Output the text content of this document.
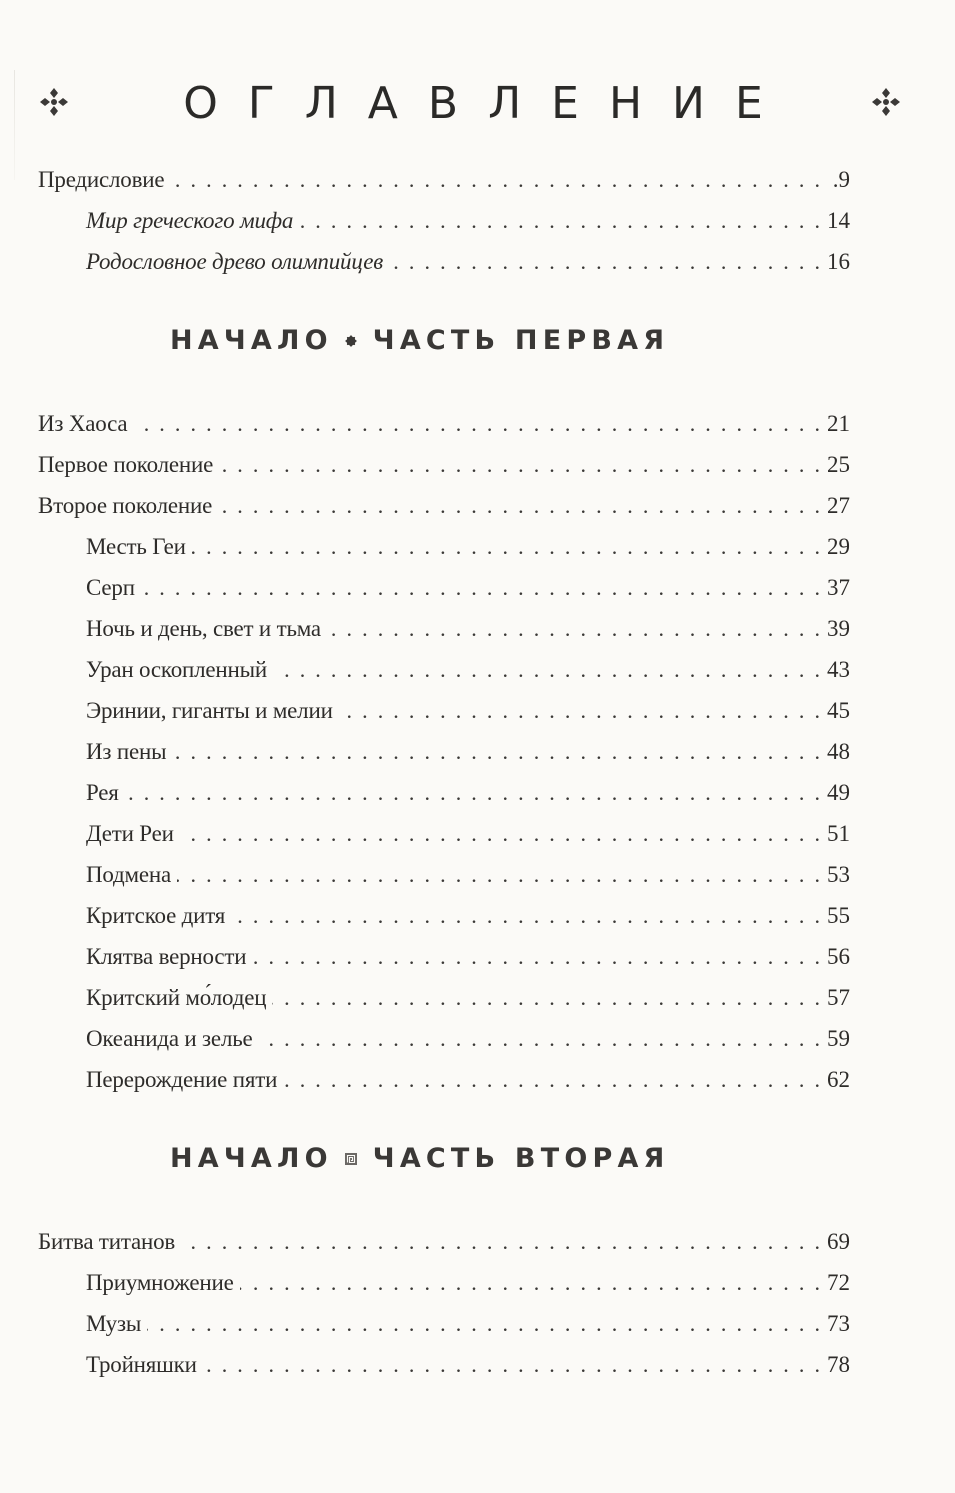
ОГЛАВЛЕНИЕ
Предисловие . . .	.9
Мир греческого мифа . . .	14
Родословное древо олимпийцев . . .	16
НАЧАЛО ЧАСТЬ ПЕРВАЯ
Из Хаоса . . .	21
Первое поколение . . .	25
Второе поколение . . .	27
Месть Геи . . .	29
Серп . . .	37
Ночь и день, свет и тьма . . .	39
Уран оскопленный . . .	43
Эринии, гиганты и мелии . . .	45
Из пены . . .	48
Рея . . .	49
Дети Реи . . .	51
Подмена . . .	53
Критское дитя . . .	55
Клятва верности . . .	56
Критский мо́лодец . . .	57
Океанида и зелье . . .	59
Перерождение пяти . . .	62
НАЧАЛО ЧАСТЬ ВТОРАЯ
Битва титанов . . .	69
Приумножение . . .	72
Музы . . .	73
Тройняшки . . .	78
